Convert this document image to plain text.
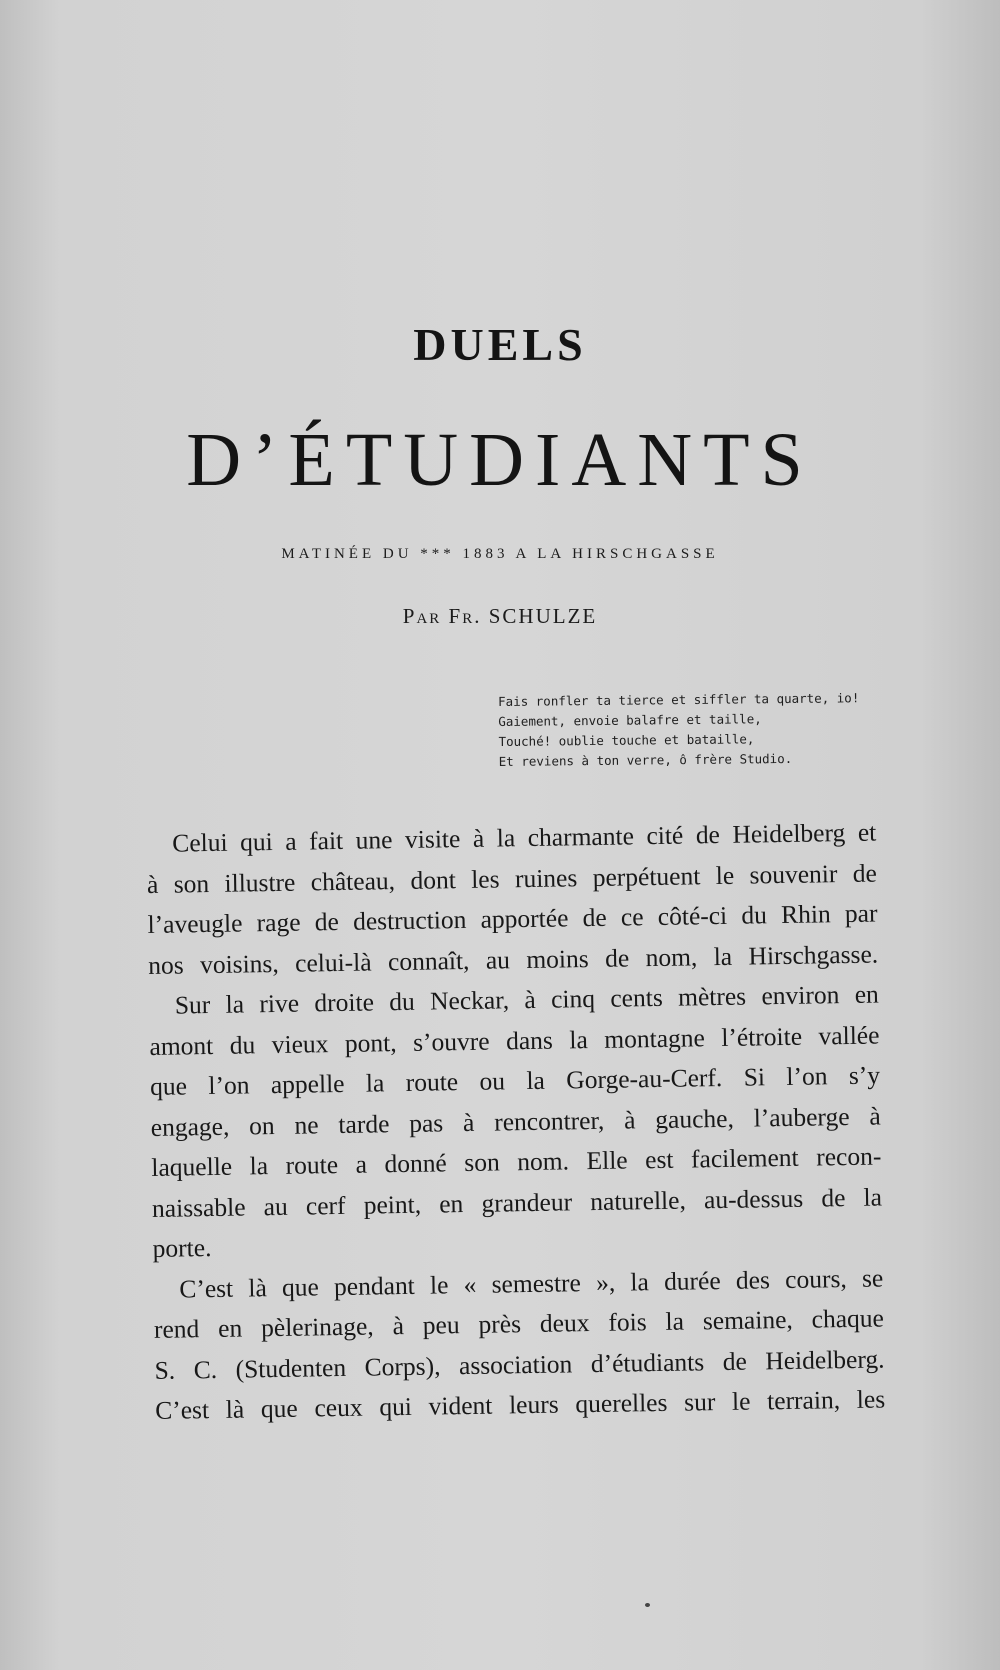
DUELS
D’ÉTUDIANTS
MATINÉE DU *** 1883 A LA HIRSCHGASSE
Par Fr. SCHULZE
Fais ronfler ta tierce et siffler ta quarte, io!
Gaiement, envoie balafre et taille,
Touché! oublie touche et bataille,
Et reviens à ton verre, ô frère Studio.
Celui qui a fait une visite à la charmante cité de Heidelberg et
à son illustre château, dont les ruines perpétuent le souvenir de
l’aveugle rage de destruction apportée de ce côté-ci du Rhin par
nos voisins, celui-là connaît, au moins de nom, la Hirschgasse.
Sur la rive droite du Neckar, à cinq cents mètres environ en
amont du vieux pont, s’ouvre dans la montagne l’étroite vallée
que l’on appelle la route ou la Gorge-au-Cerf. Si l’on s’y
engage, on ne tarde pas à rencontrer, à gauche, l’auberge à
laquelle la route a donné son nom. Elle est facilement recon-
naissable au cerf peint, en grandeur naturelle, au-dessus de la
porte.
C’est là que pendant le « semestre », la durée des cours, se
rend en pèlerinage, à peu près deux fois la semaine, chaque
S. C. (Studenten Corps), association d’étudiants de Heidelberg.
C’est là que ceux qui vident leurs querelles sur le terrain, les
